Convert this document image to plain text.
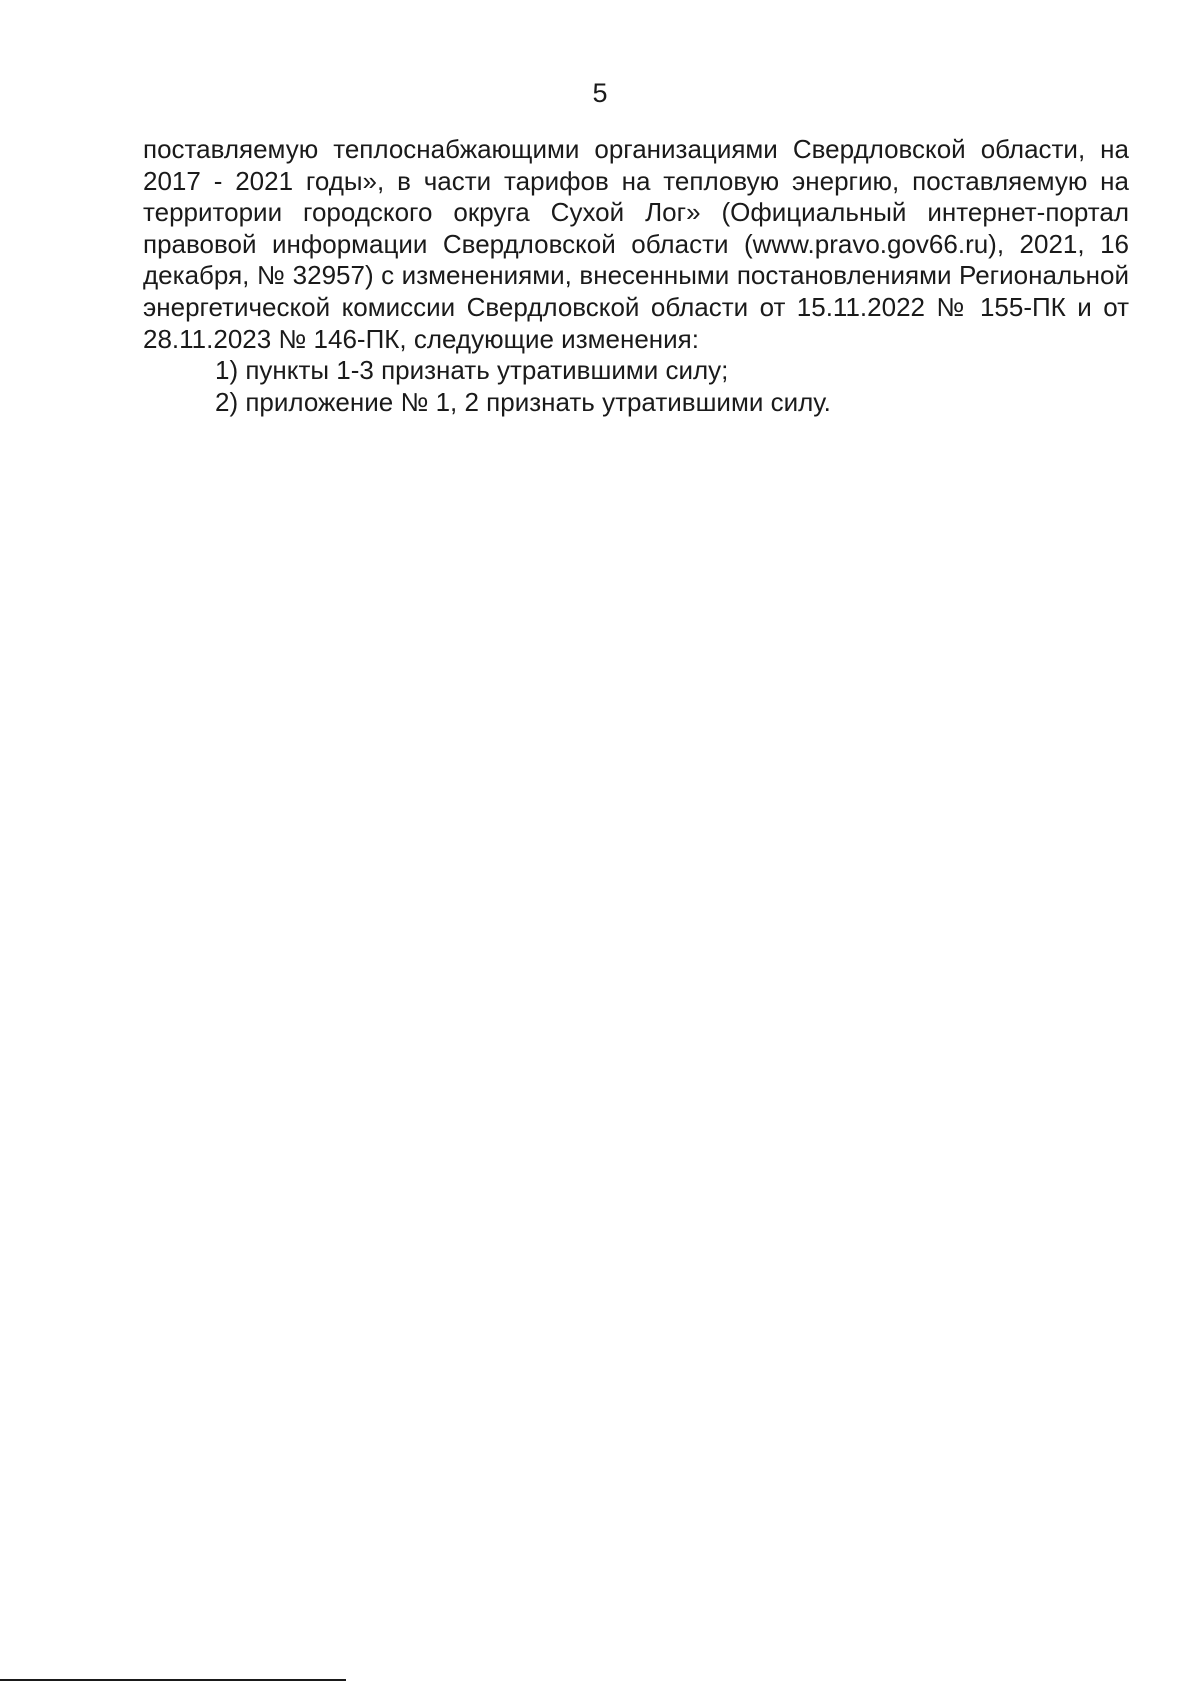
5

поставляемую теплоснабжающими организациями Свердловской области, на 2017 - 2021 годы», в части тарифов на тепловую энергию, поставляемую на территории городского округа Сухой Лог» (Официальный интернет-портал правовой информации Свердловской области (www.pravo.gov66.ru), 2021, 16 декабря, № 32957) с изменениями, внесенными постановлениями Региональной энергетической комиссии Свердловской области от 15.11.2022 № 155-ПК и от 28.11.2023 № 146-ПК, следующие изменения:

1) пункты 1-3 признать утратившими силу;

2) приложение № 1, 2 признать утратившими силу.
